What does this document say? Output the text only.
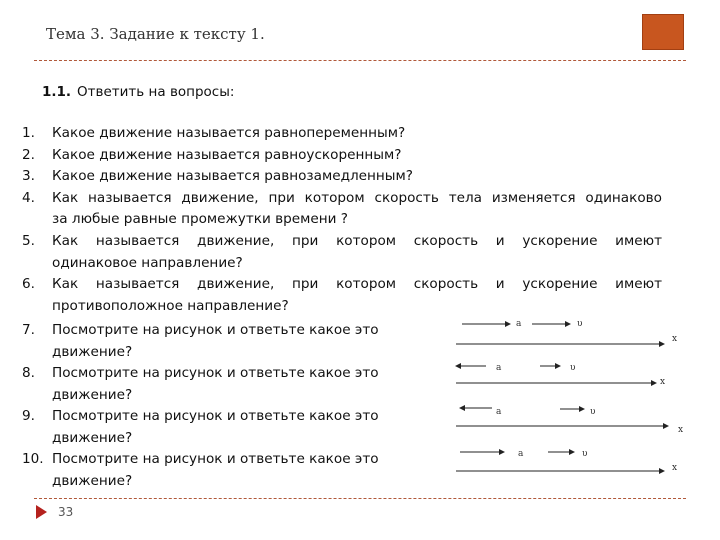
Тема 3. Задание к тексту 1.
1.1. Ответить на вопросы:
1.	Какое движение называется равнопеременным?
2.	Какое движение называется равноускоренным?
3.	Какое движение называется равнозамедленным?
4.	Как называется движение, при котором скорость тела изменяется одинаково
за любые равные промежутки времени ?
5.	Как называется движение, при котором скорость и ускорение имеют
одинаковое направление?
6.	Как называется движение, при котором скорость и ускорение имеют
противоположное направление?
7.	Посмотрите на рисунок и ответьте какое это
движение?
8.	Посмотрите на рисунок и ответьте какое это
движение?
9.	Посмотрите на рисунок и ответьте какое это
движение?
10. Посмотрите на рисунок и ответьте какое это
движение?
a	υ
x
a	υ
x
a	υ
x
a	υ
x
33
